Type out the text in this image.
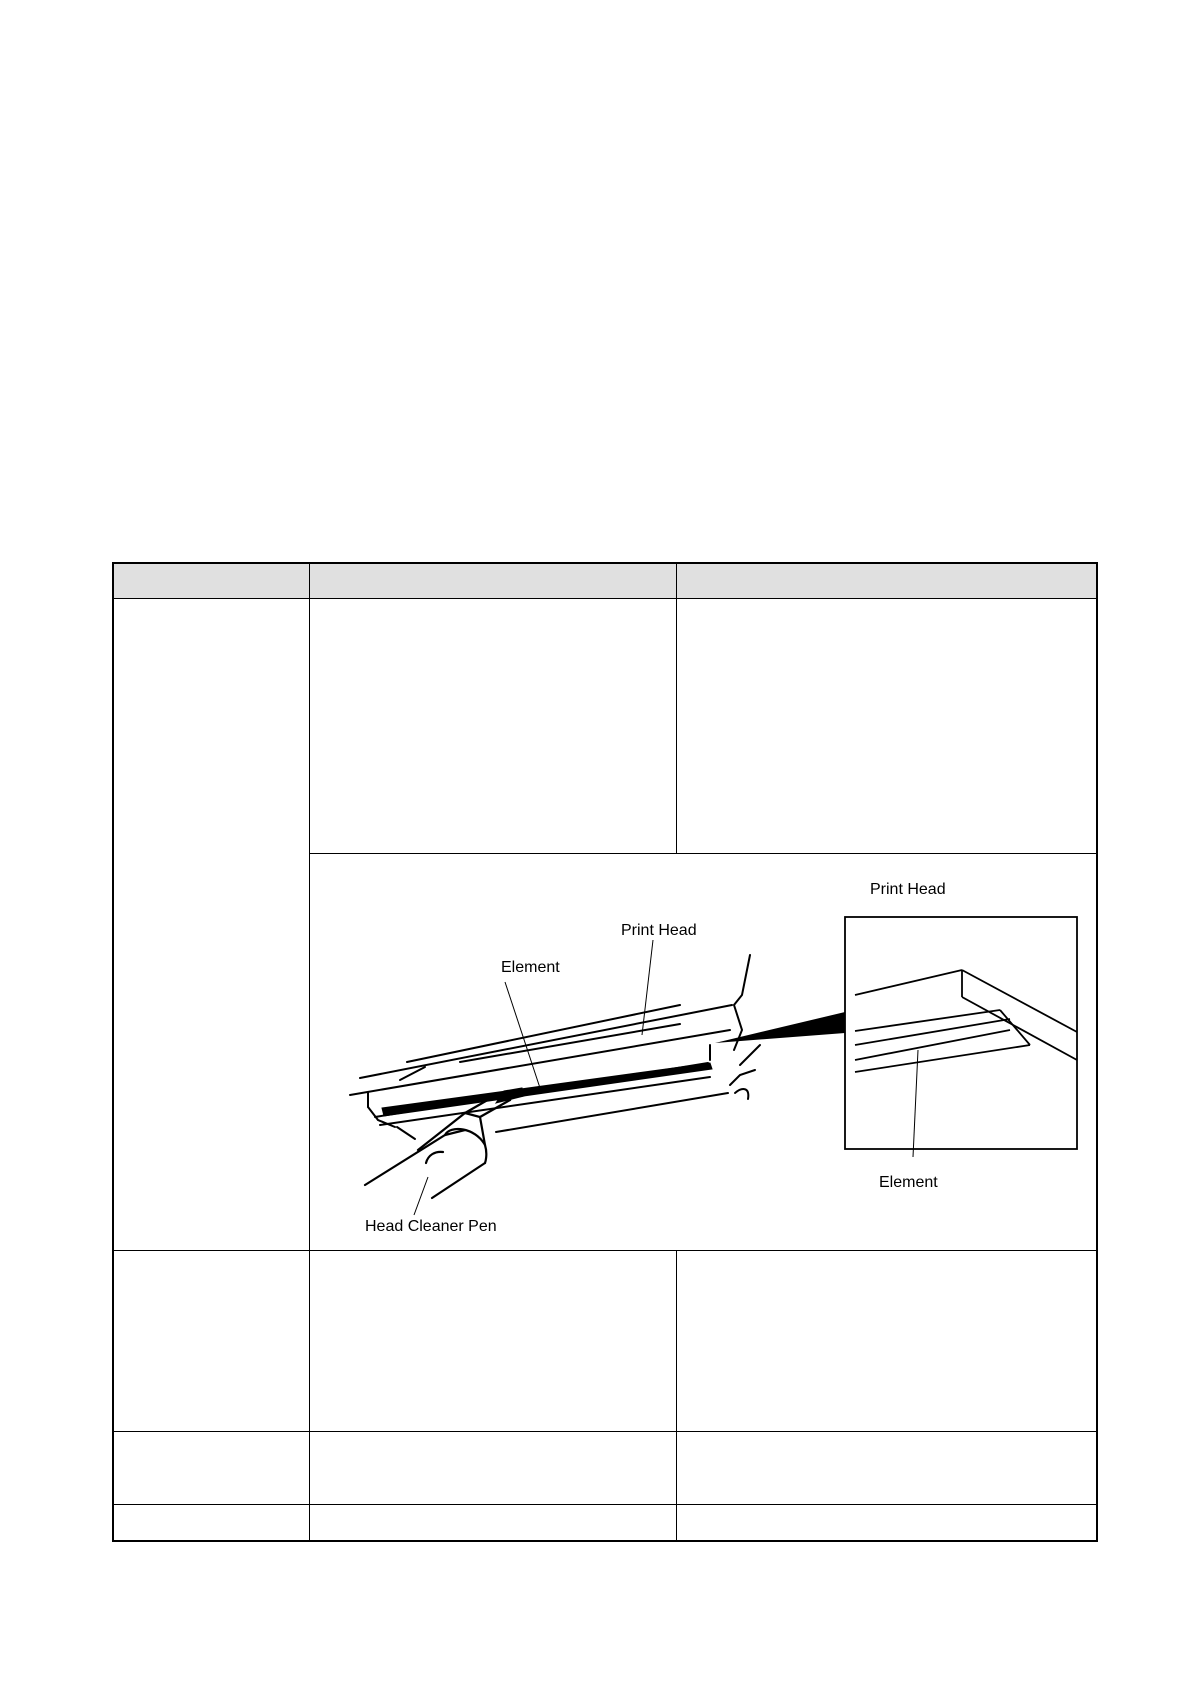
Print Head
Print Head
Element
Element
Head Cleaner Pen
